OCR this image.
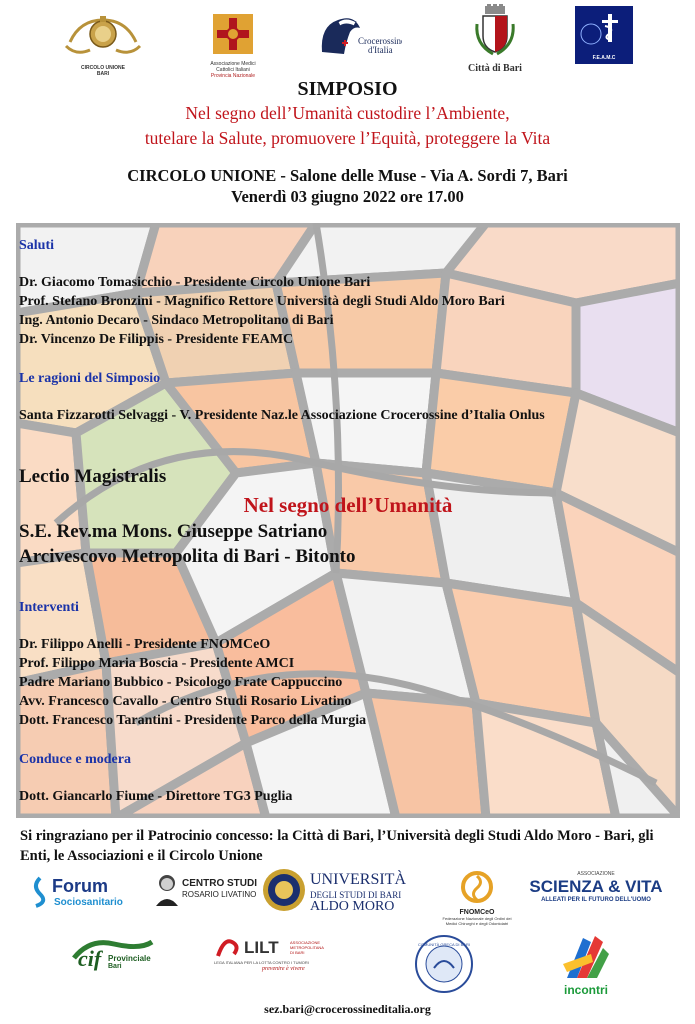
CIRCOLO UNIONE BARI
Associazione Medici
Cattolici Italiani
Provincia Nazionale
Crocerossine
d'Italia
Città di Bari
F.E.A.M.C
SIMPOSIO
Nel segno dell’Umanità custodire l’Ambiente,
tutelare la Salute, promuovere l’Equità, proteggere la Vita
CIRCOLO UNIONE - Salone delle Muse - Via A. Sordi 7, Bari
Venerdì 03 giugno 2022 ore 17.00
Saluti
Dr. Giacomo Tomasicchio - Presidente Circolo Unione Bari
Prof. Stefano Bronzini - Magnifico Rettore Università degli Studi Aldo Moro Bari
Ing. Antonio Decaro - Sindaco Metropolitano di Bari
Dr. Vincenzo De Filippis - Presidente FEAMC
Le ragioni del Simposio
Santa Fizzarotti Selvaggi - V. Presidente Naz.le Associazione Crocerossine d’Italia Onlus
Lectio Magistralis
Nel segno dell’Umanità
S.E. Rev.ma Mons. Giuseppe Satriano
Arcivescovo Metropolita di Bari - Bitonto
Interventi
Dr. Filippo Anelli - Presidente FNOMCeO
Prof. Filippo Maria Boscia - Presidente AMCI
Padre Mariano Bubbico - Psicologo Frate Cappuccino
Avv. Francesco Cavallo - Centro Studi Rosario Livatino
Dott. Francesco Tarantini - Presidente Parco della Murgia
Conduce e modera
Dott. Giancarlo Fiume - Direttore TG3 Puglia
Si ringraziano per il Patrocinio concesso: la Città di Bari, l’Università degli Studi Aldo Moro - Bari, gli Enti, le Associazioni e il Circolo Unione
Forum
Sociosanitario
CENTRO STUDI
ROSARIO LIVATINO
UNIVERSITÀ
DEGLI STUDI DI BARI
ALDO MORO	FNOMCeO
Federazione Nazionale degli Ordini dei Medici Chirurghi e degli Odontoiatri
ASSOCIAZIONE
SCIENZA & VITA
ALLEATI PER IL FUTURO DELL'UOMO
cif Provinciale
Bari
LILT	ASSOCIAZIONE
METROPOLITANA
DI BARI
LEGA ITALIANA PER LA LOTTA CONTRO I TUMORI
prevenire è vivere
COMUNITÀ GRECA DI BARI
incontri
sez.bari@crocerossineditalia.org
